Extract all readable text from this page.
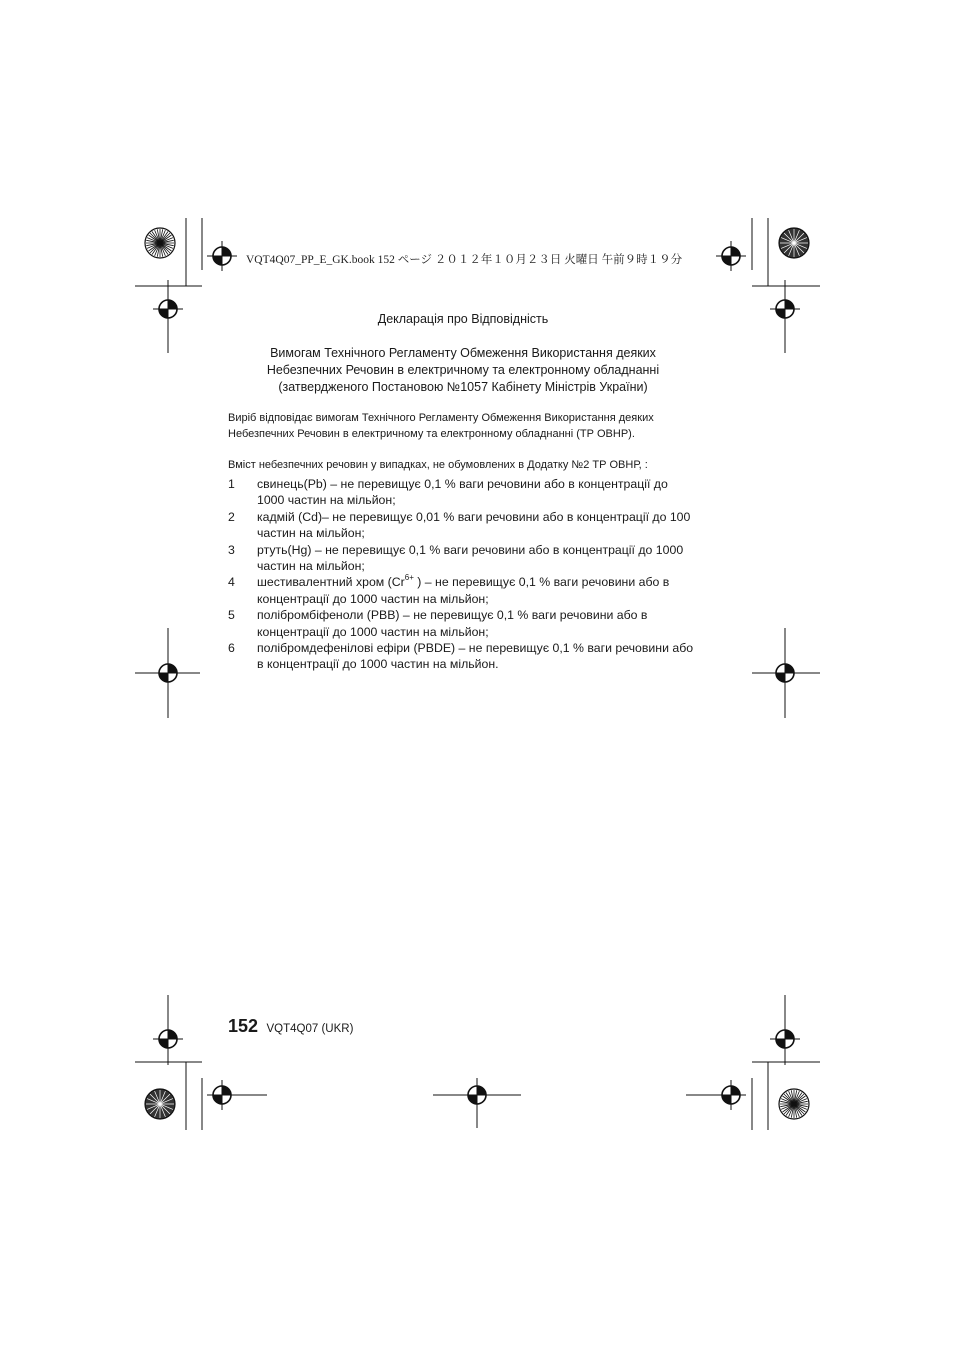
VQT4Q07_PP_E_GK.book 152 ページ ２０１２年１０月２３日 火曜日 午前９時１９分
Декларація про Відповідність
Вимогам Технічного Регламенту Обмеження Використання деяких
Небезпечних Речовин в електричному та електронному обладнанні
(затвердженого Постановою №1057 Кабінету Міністрів України)
Виріб відповідає вимогам Технічного Регламенту Обмеження Використання деяких
Небезпечних Речовин в електричному та електронному обладнанні (ТР ОВНР).
Вміст небезпечних речовин у випадках, не обумовлених в Додатку №2 ТР ОВНР, :
1 свинець(Pb) – не перевищує 0,1 % ваги речовини або в концентрації до 1000 частин на мільйон;
2 кадмій (Cd)– не перевищує 0,01 % ваги речовини або в концентрації до 100 частин на мільйон;
3 ртуть(Hg) – не перевищує 0,1 % ваги речовини або в концентрації до 1000 частин на мільйон;
4 шестивалентний хром ($Cr^{6+}$ ) – не перевищує 0,1 % ваги речовини або в концентрації до 1000 частин на мільйон;
5 полібромбіфеноли (PBB) – не перевищує 0,1 % ваги речовини або в концентрації до 1000 частин на мільйон;
6 полібромдефенілові ефіри (PBDE) – не перевищує 0,1 % ваги речовини або в концентрації до 1000 частин на мільйон.
152 VQT4Q07 (UKR)
